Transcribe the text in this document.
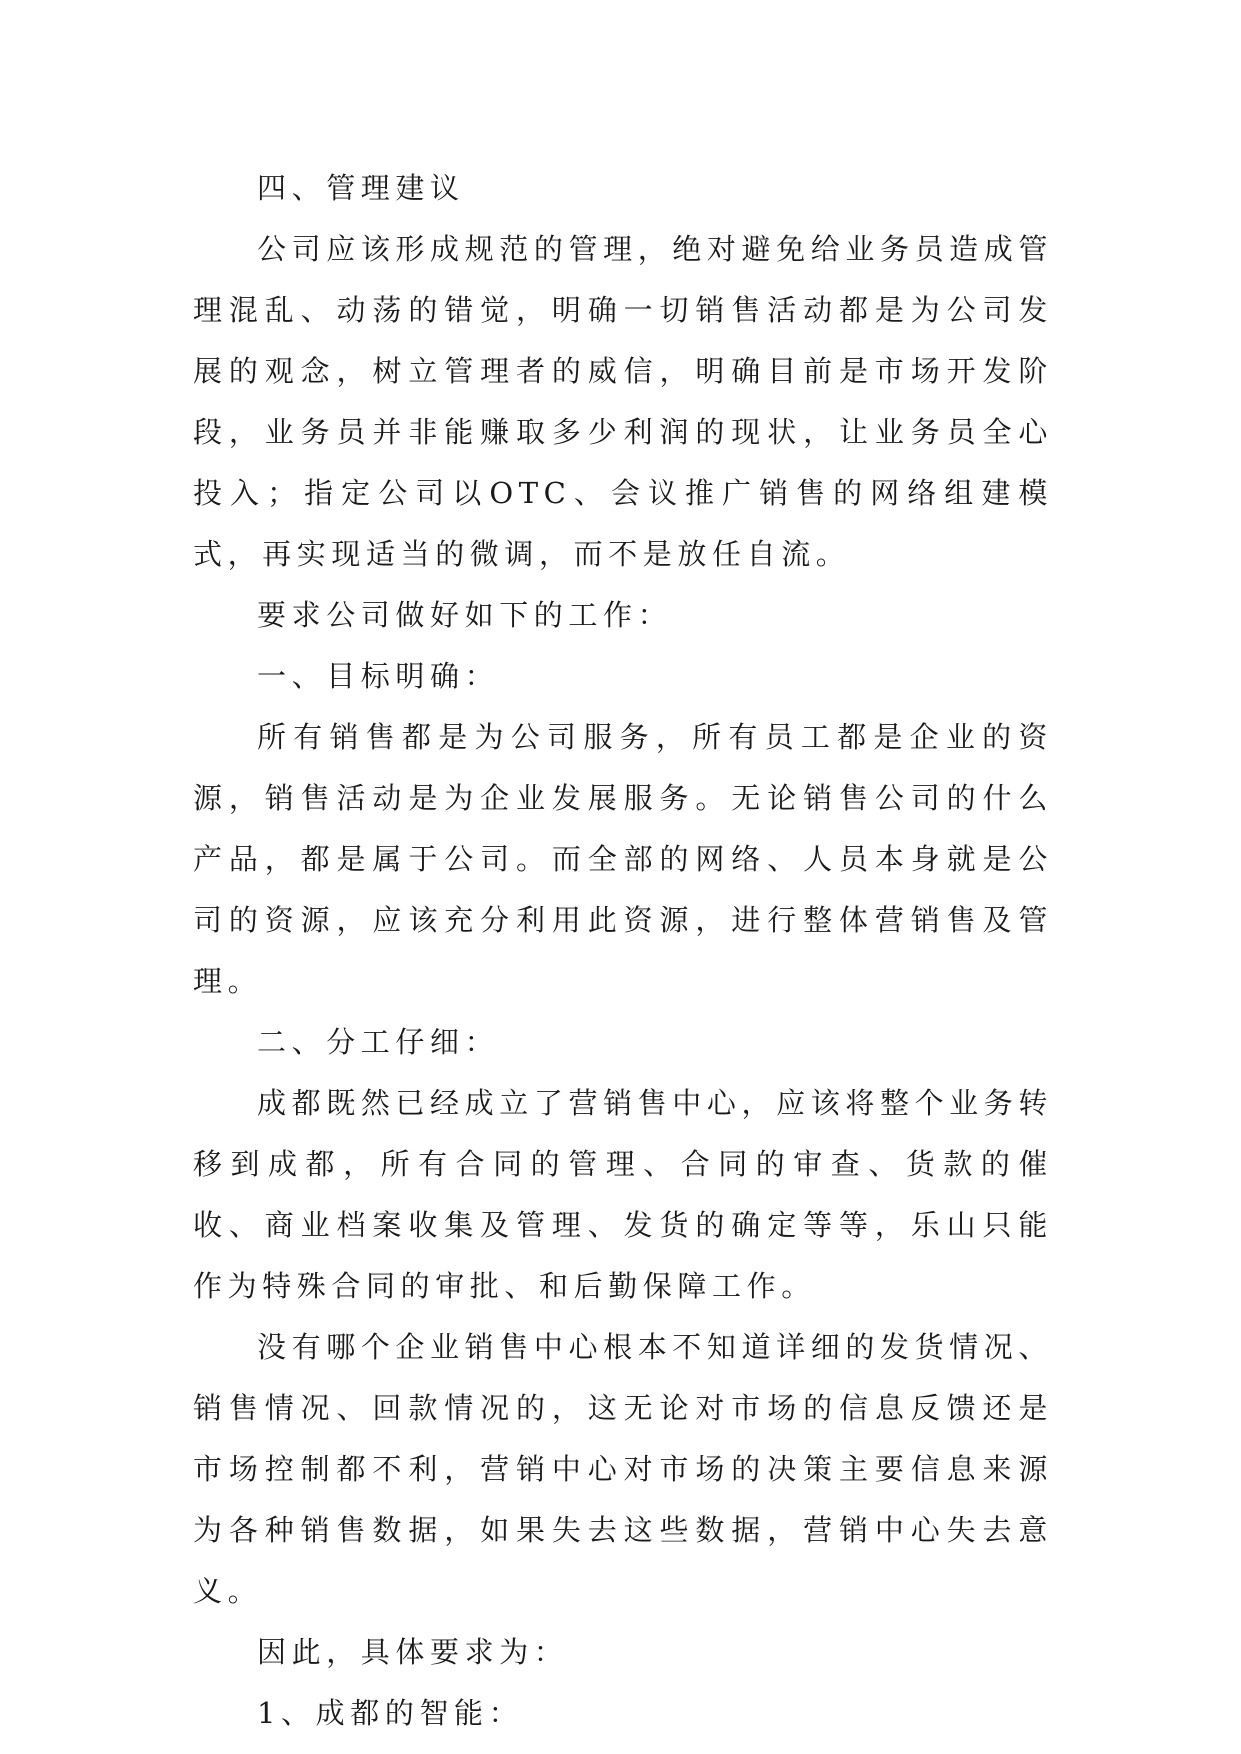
四、管理建议

公司应该形成规范的管理，绝对避免给业务员造成管理混乱、动荡的错觉，明确一切销售活动都是为公司发展的观念，树立管理者的威信，明确目前是市场开发阶段，业务员并非能赚取多少利润的现状，让业务员全心投入；指定公司以OTC、会议推广销售的网络组建模式，再实现适当的微调，而不是放任自流。

要求公司做好如下的工作：

一、目标明确：

所有销售都是为公司服务，所有员工都是企业的资源，销售活动是为企业发展服务。无论销售公司的什么产品，都是属于公司。而全部的网络、人员本身就是公司的资源，应该充分利用此资源，进行整体营销售及管理。

二、分工仔细：

成都既然已经成立了营销售中心，应该将整个业务转移到成都，所有合同的管理、合同的审查、货款的催收、商业档案收集及管理、发货的确定等等，乐山只能作为特殊合同的审批、和后勤保障工作。

没有哪个企业销售中心根本不知道详细的发货情况、销售情况、回款情况的，这无论对市场的信息反馈还是市场控制都不利，营销中心对市场的决策主要信息来源为各种销售数据，如果失去这些数据，营销中心失去意义。

因此，具体要求为：

1、成都的智能：
